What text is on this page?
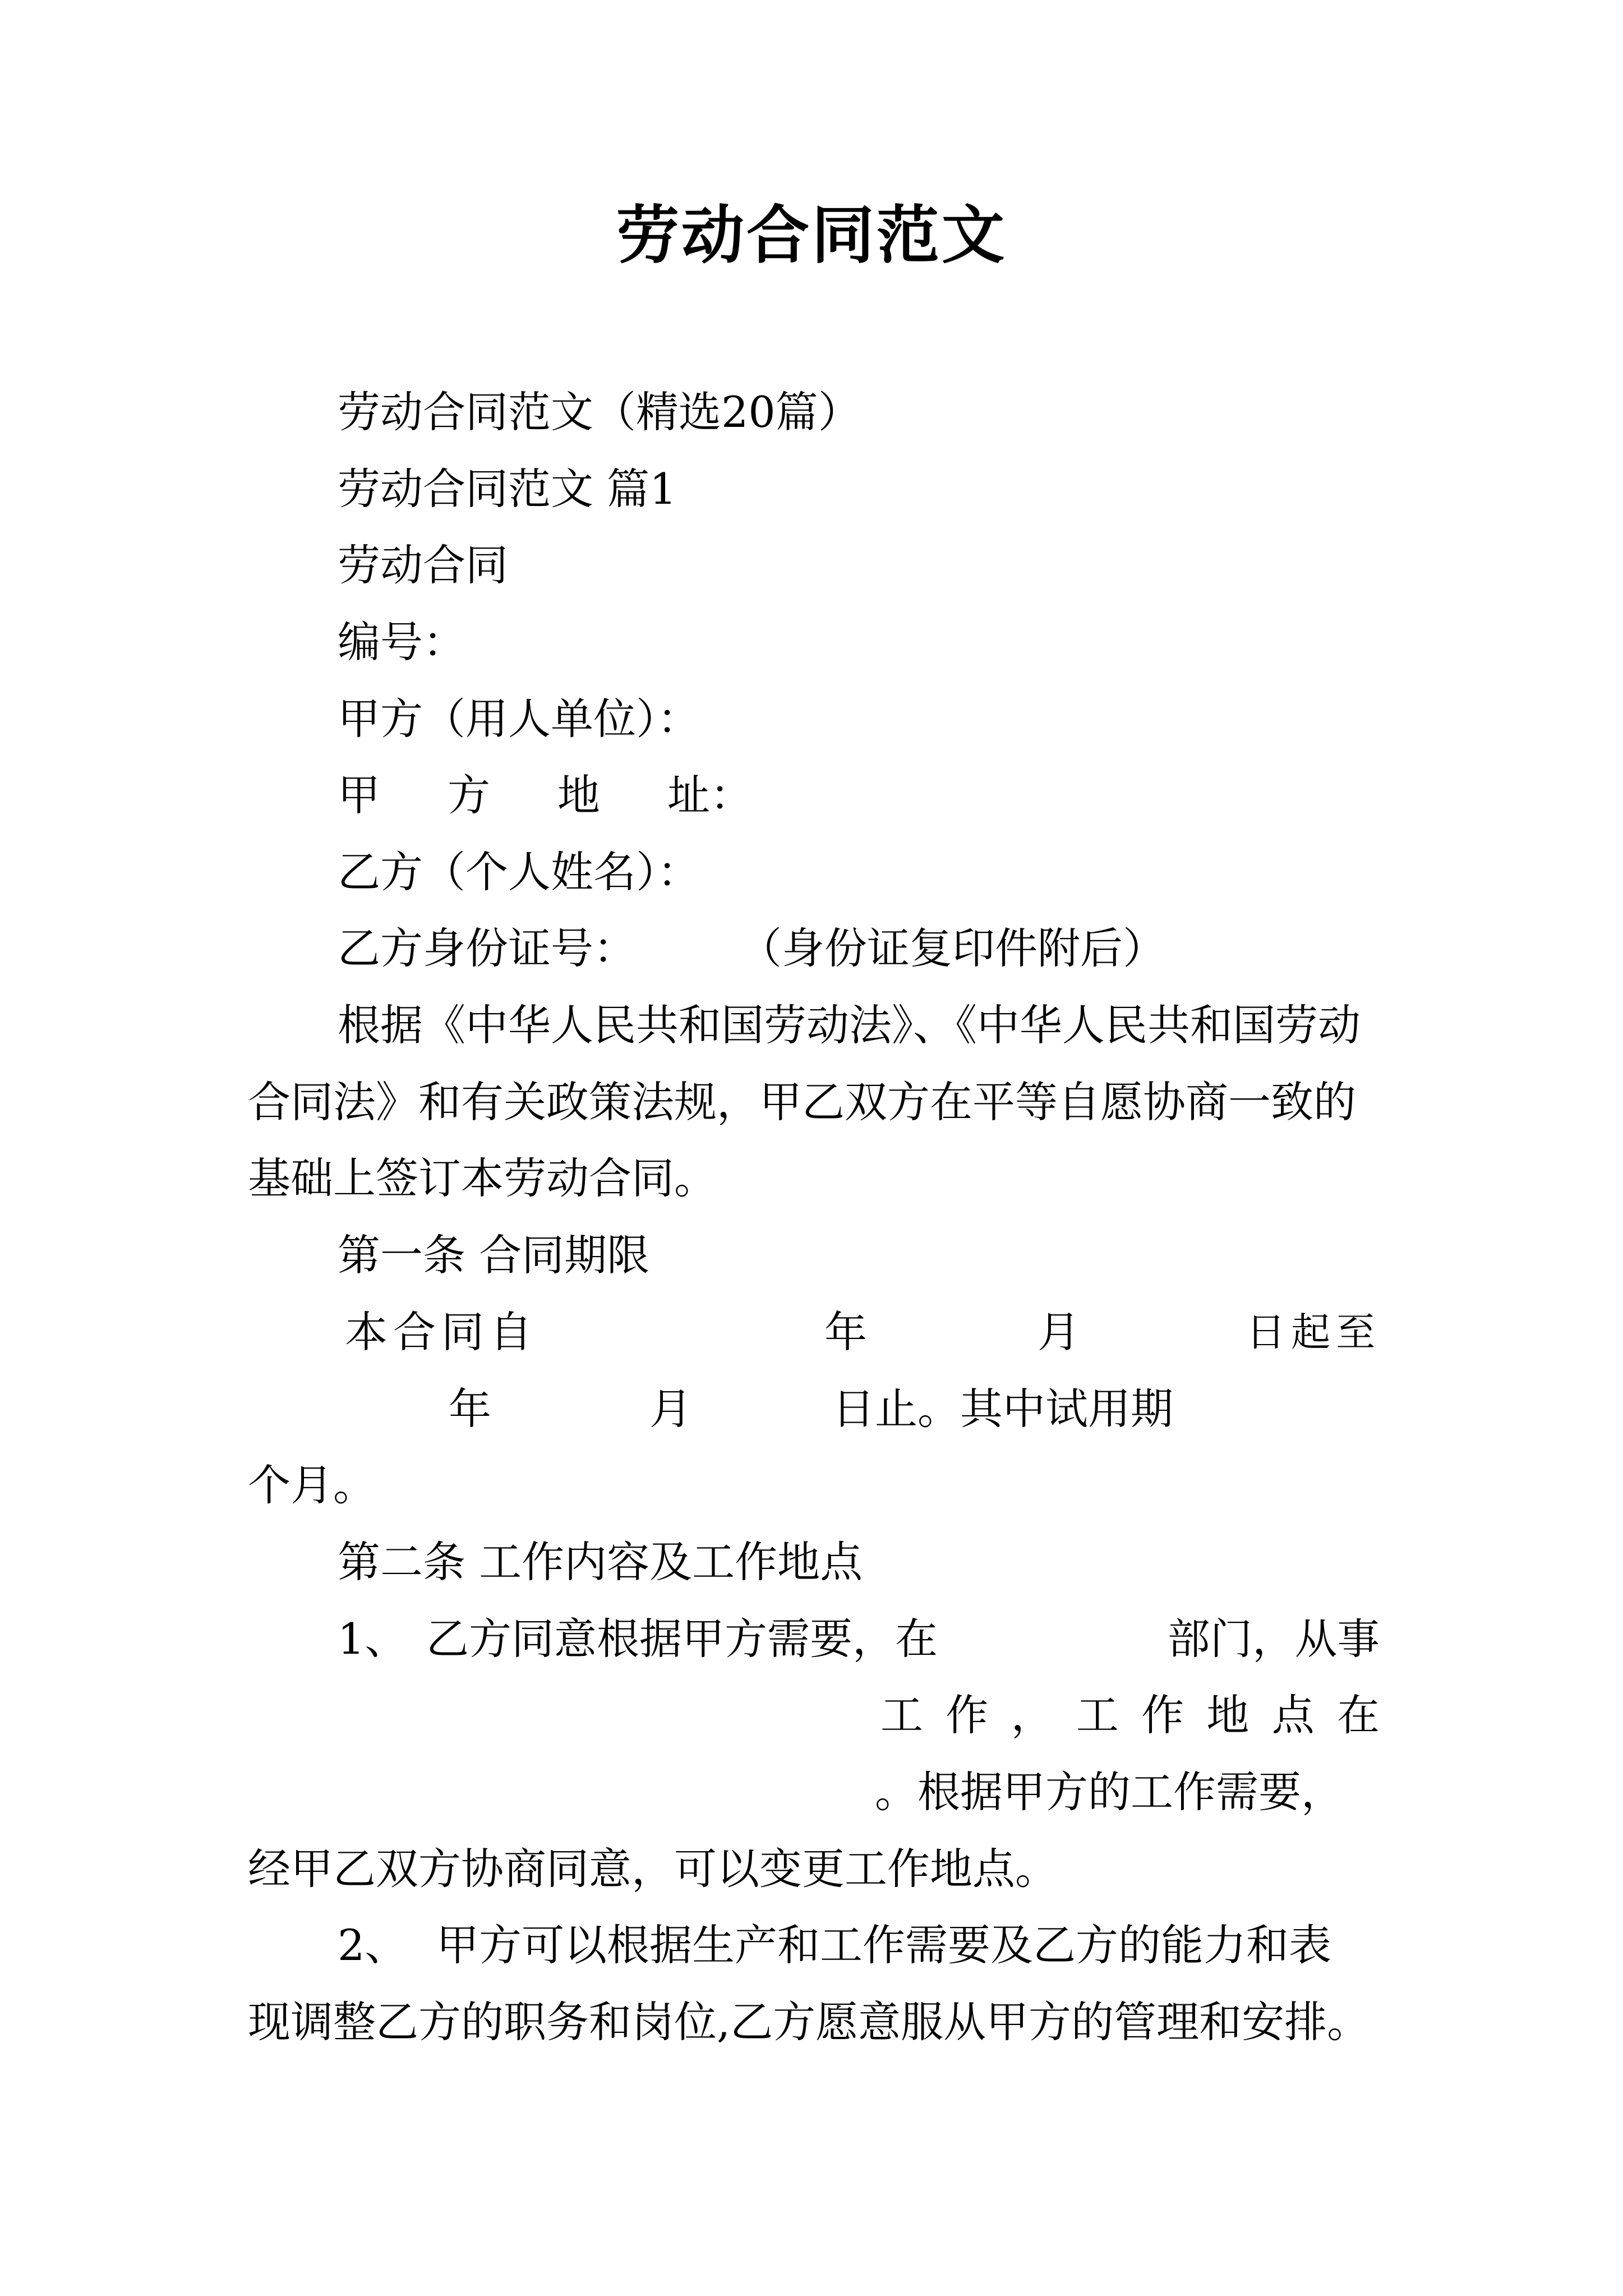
劳动合同范文
劳动合同范文（精选20篇）
劳动合同范文 篇1
劳动合同
编号：
甲方（用人单位）：
甲 方 地 址：
乙方（个人姓名）：
乙方身份证号： （身份证复印件附后）
根据《中华人民共和国劳动法》、《中华人民共和国劳动
合同法》和有关政策法规，甲乙双方在平等自愿协商一致的
基础上签订本劳动合同。
第一条 合同期限
本合同自	年	月	日起至
年	月	日止。其中试用期
个月。
第二条 工作内容及工作地点
1、 乙方同意根据甲方需要，在	部门，从事
工 作 ， 工 作 地 点 在
。根据甲方的工作需要，
经甲乙双方协商同意，可以变更工作地点。
2、 甲方可以根据生产和工作需要及乙方的能力和表
现调整乙方的职务和岗位,乙方愿意服从甲方的管理和安排。
